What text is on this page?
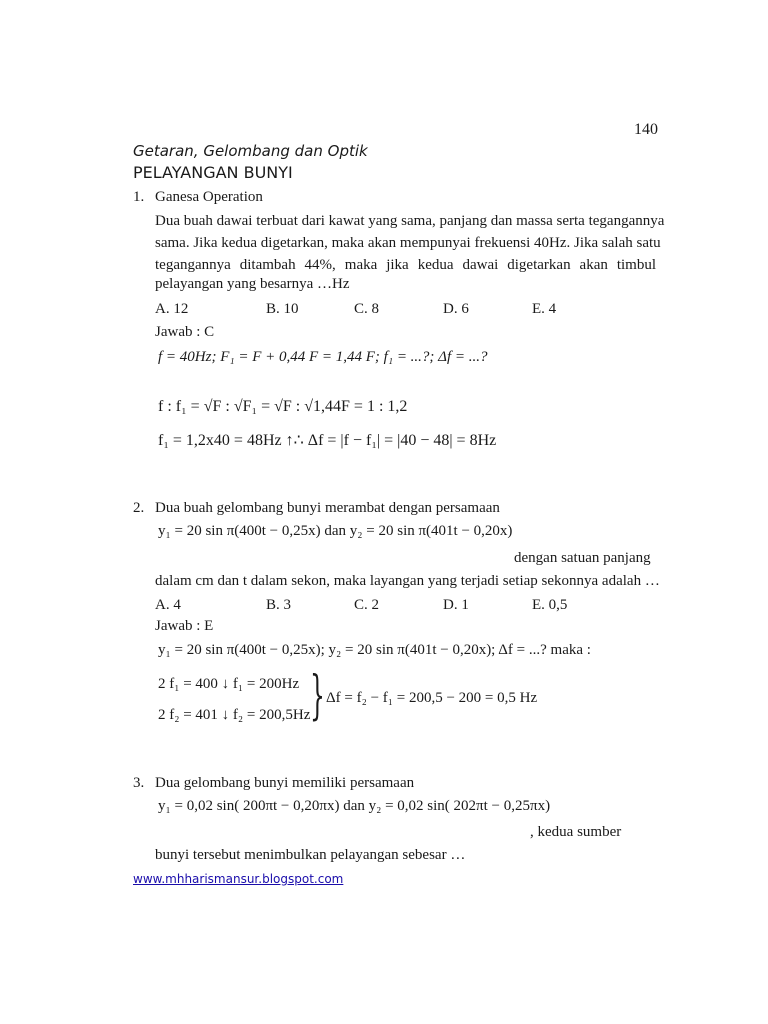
140
Getaran, Gelombang dan Optik
PELAYANGAN BUNYI
1. Ganesa Operation
Dua buah dawai terbuat dari kawat yang sama, panjang dan massa serta tegangannya
sama. Jika kedua digetarkan, maka akan mempunyai frekuensi 40Hz. Jika salah satu
tegangannya ditambah 44%, maka jika kedua dawai digetarkan akan timbul
pelayangan yang besarnya …Hz
A. 12	B. 10	C. 8	D. 6	E. 4
Jawab : C
f = 40Hz; F₁ = F + 0,44 F = 1,44 F; f₁ = ...?; Δf = ...?
f : f₁ = √F : √F₁ = √F : √1,44F = 1 : 1,2
f₁ = 1,2x40 = 48Hz ↑∴ Δf = |f − f₁| = |40 − 48| = 8Hz
2. Dua buah gelombang bunyi merambat dengan persamaan
y₁ = 20 sin π(400t − 0,25x) dan y₂ = 20 sin π(401t − 0,20x)
dengan satuan panjang
dalam cm dan t dalam sekon, maka layangan yang terjadi setiap sekonnya adalah …
A. 4	B. 3	C. 2	D. 1	E. 0,5
Jawab : E
y₁ = 20 sin π(400t − 0,25x); y₂ = 20 sin π(401t − 0,20x); Δf = ...? maka :
2 f₁ = 400 ↓ f₁ = 200Hz
2 f₂ = 401 ↓ f₂ = 200,5Hz } Δf = f₂ − f₁ = 200,5 − 200 = 0,5 Hz
3. Dua gelombang bunyi memiliki persamaan
y₁ = 0,02 sin( 200πt − 0,20πx) dan y₂ = 0,02 sin( 202πt − 0,25πx)
, kedua sumber
bunyi tersebut menimbulkan pelayangan sebesar …
www.mhharismansur.blogspot.com
